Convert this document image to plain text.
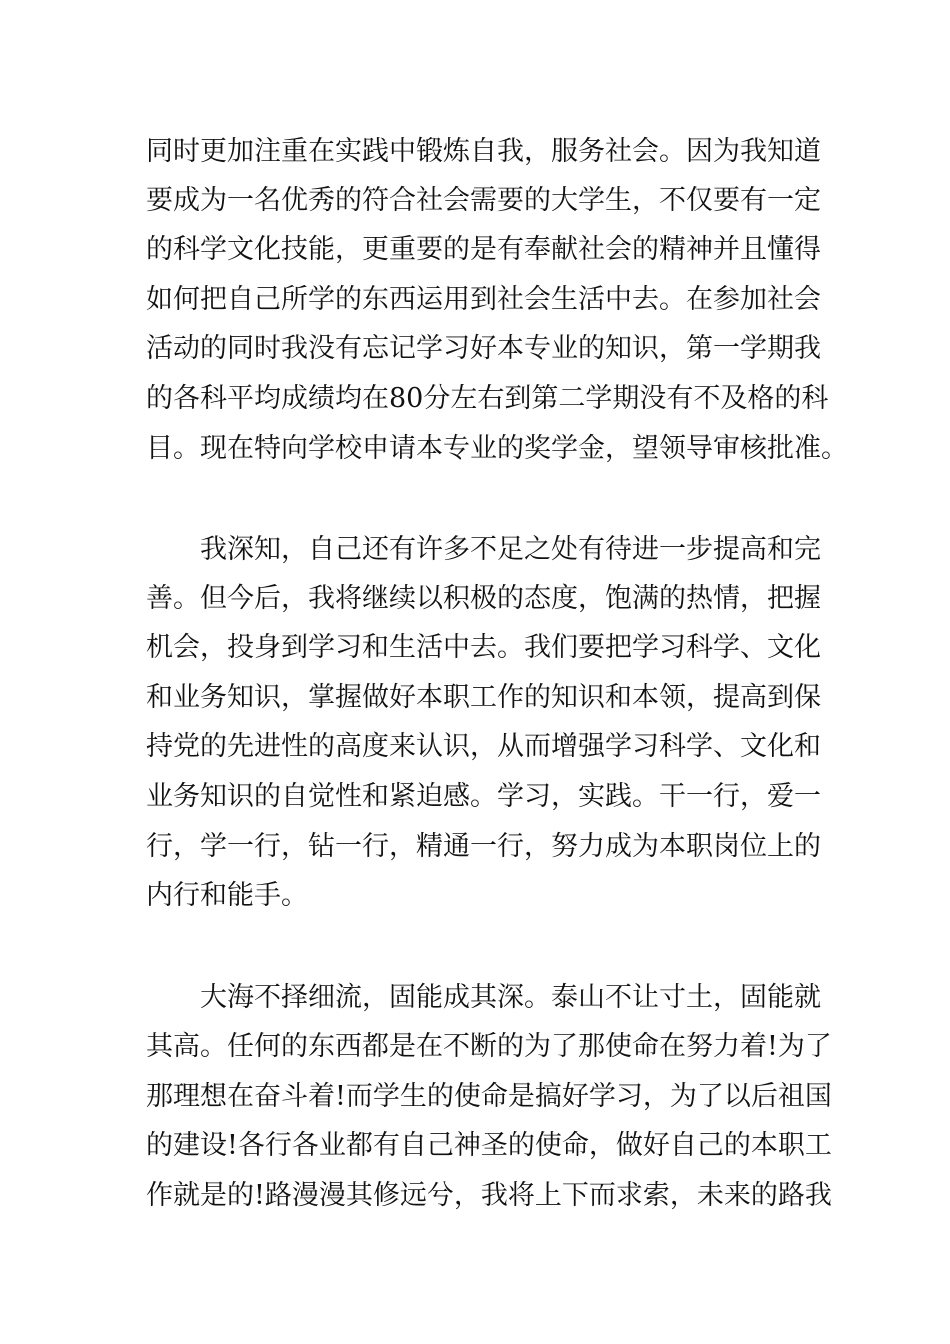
同时更加注重在实践中锻炼自我，服务社会。因为我知道
要成为一名优秀的符合社会需要的大学生，不仅要有一定
的科学文化技能，更重要的是有奉献社会的精神并且懂得
如何把自己所学的东西运用到社会生活中去。在参加社会
活动的同时我没有忘记学习好本专业的知识，第一学期我
的各科平均成绩均在80分左右到第二学期没有不及格的科
目。现在特向学校申请本专业的奖学金，望领导审核批准。
　　我深知，自己还有许多不足之处有待进一步提高和完
善。但今后，我将继续以积极的态度，饱满的热情，把握
机会，投身到学习和生活中去。我们要把学习科学、文化
和业务知识，掌握做好本职工作的知识和本领，提高到保
持党的先进性的高度来认识，从而增强学习科学、文化和
业务知识的自觉性和紧迫感。学习，实践。干一行，爱一
行，学一行，钻一行，精通一行，努力成为本职岗位上的
内行和能手。
　　大海不择细流，固能成其深。泰山不让寸土，固能就
其高。任何的东西都是在不断的为了那使命在努力着!为了
那理想在奋斗着!而学生的使命是搞好学习，为了以后祖国
的建设!各行各业都有自己神圣的使命，做好自己的本职工
作就是的!路漫漫其修远兮，我将上下而求索，未来的路我
